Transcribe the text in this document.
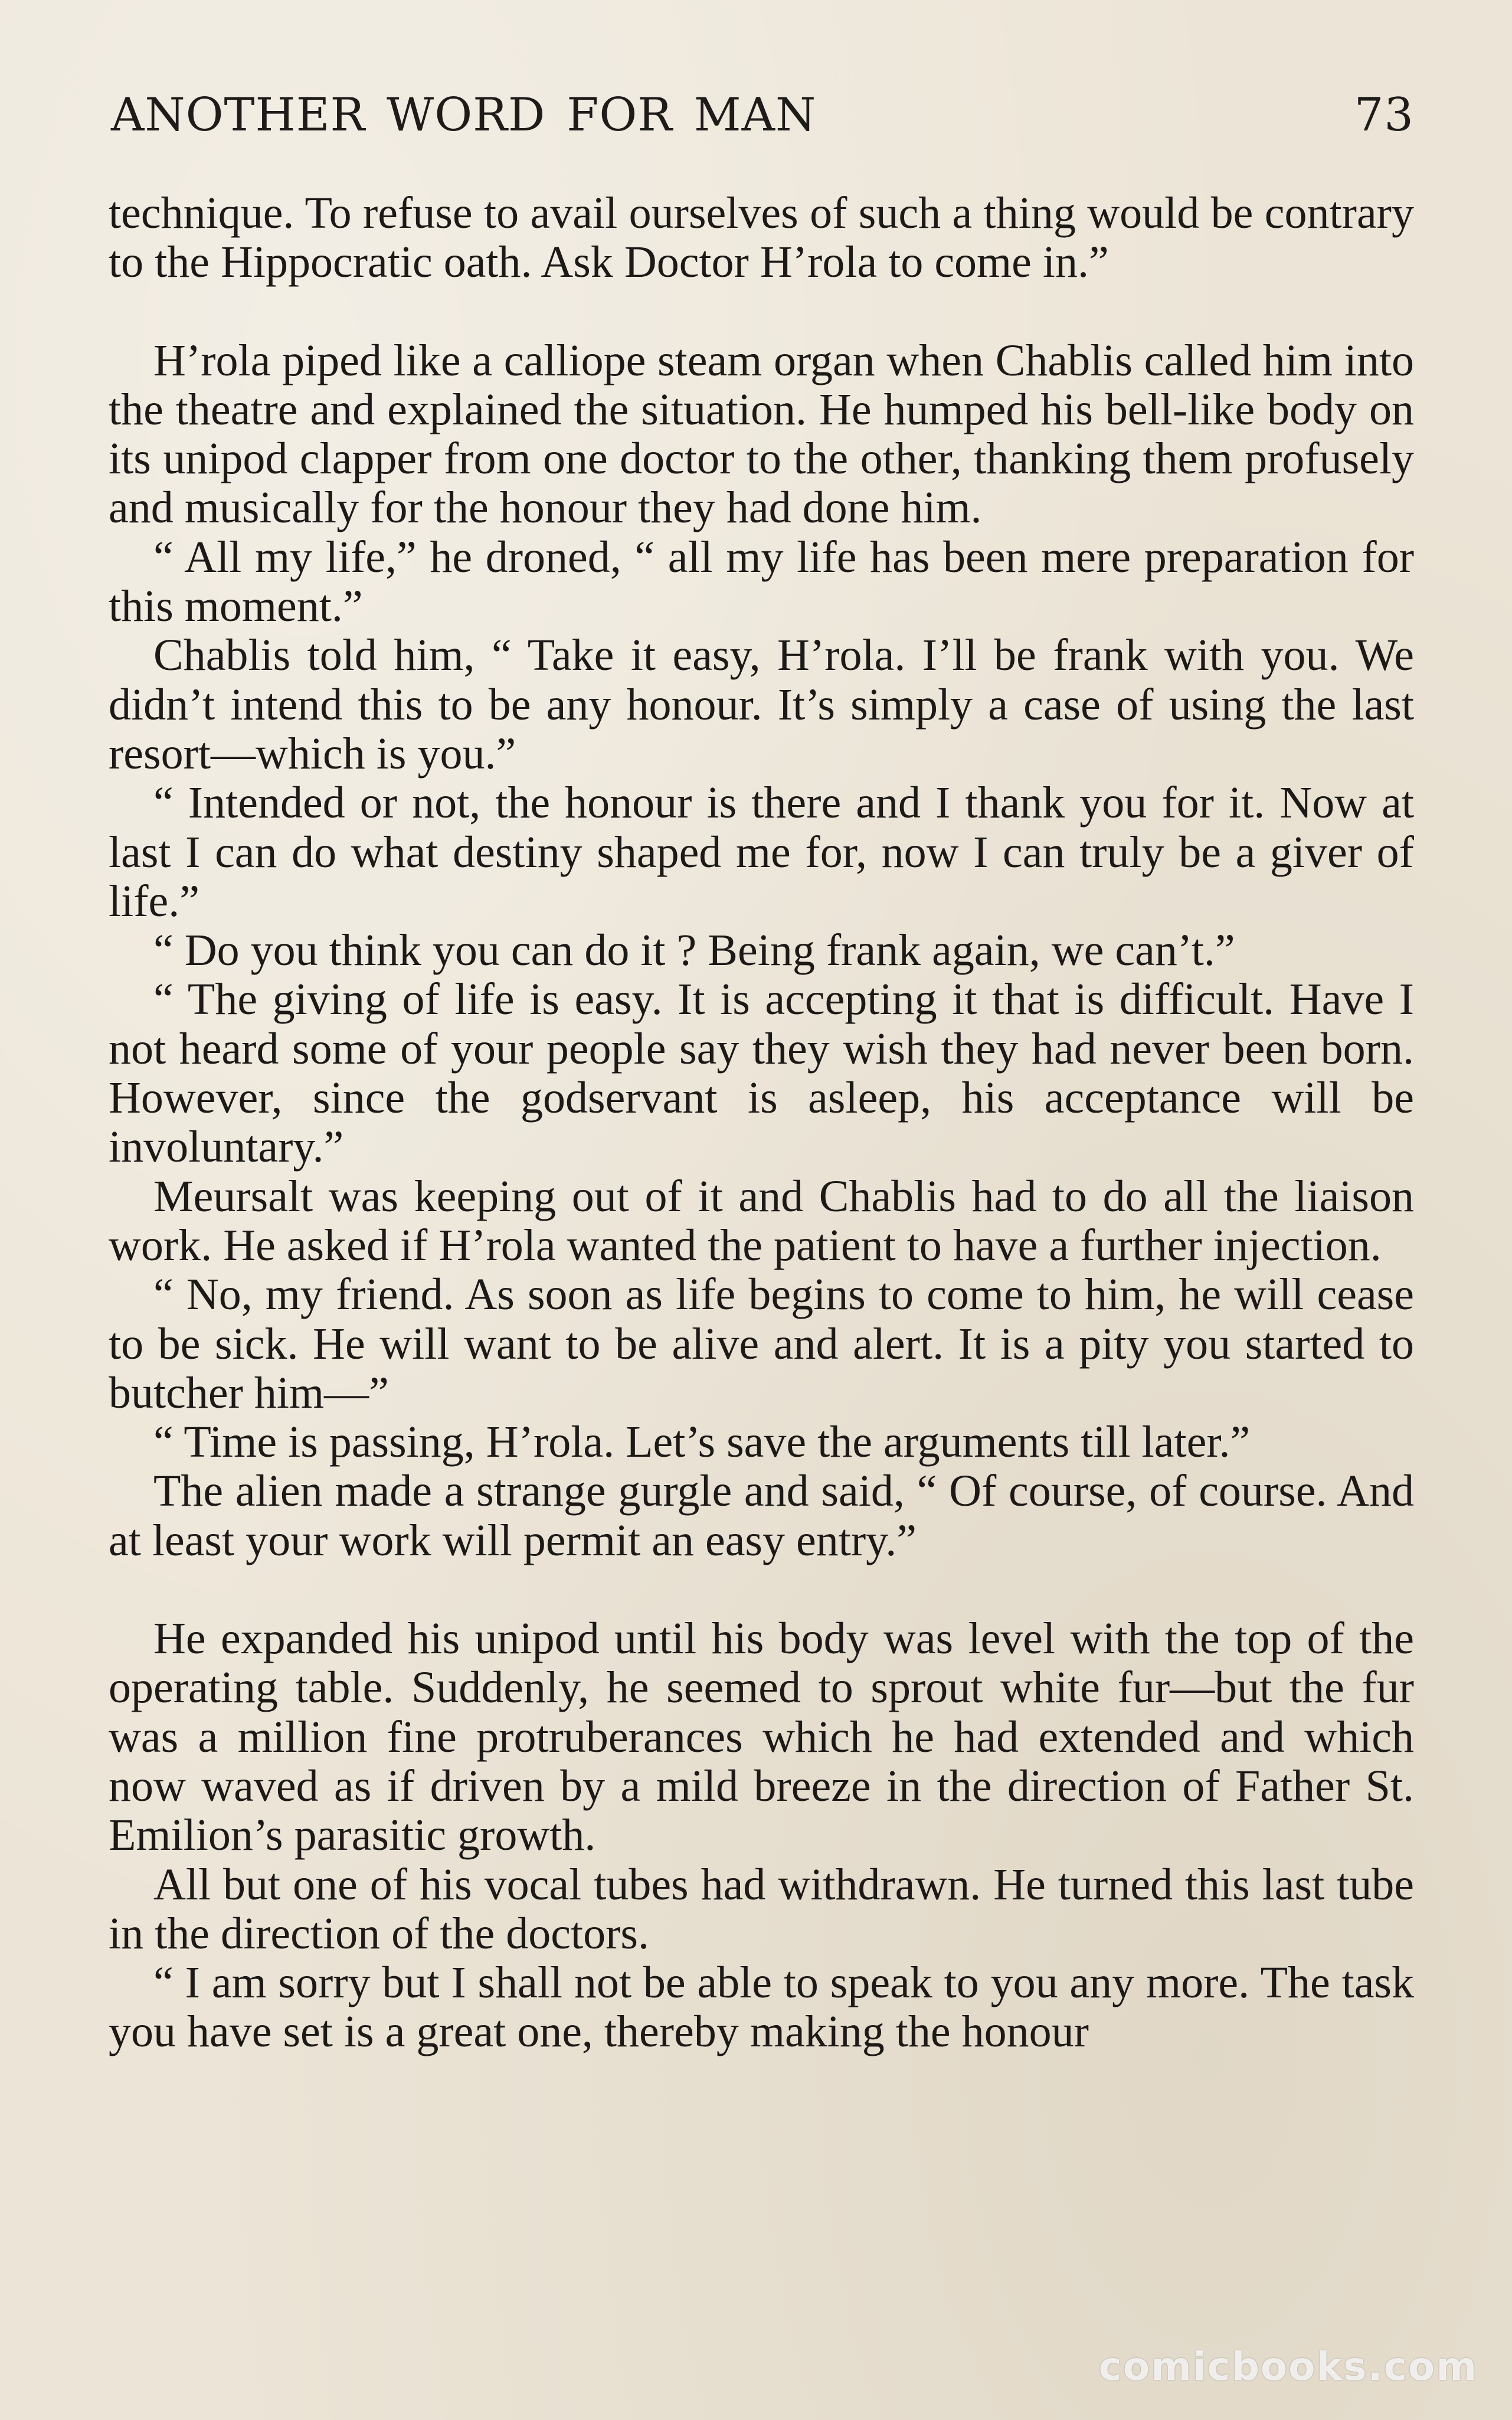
ANOTHER WORD FOR MAN	73

technique. To refuse to avail ourselves of such a thing would be contrary to the Hippocratic oath. Ask Doctor H’rola to come in.”

H’rola piped like a calliope steam organ when Chablis called him into the theatre and explained the situation. He humped his bell-like body on its unipod clapper from one doctor to the other, thanking them profusely and musically for the honour they had done him.

“ All my life,” he droned, “ all my life has been mere preparation for this moment.”

Chablis told him, “ Take it easy, H’rola. I’ll be frank with you. We didn’t intend this to be any honour. It’s simply a case of using the last resort—which is you.”

“ Intended or not, the honour is there and I thank you for it. Now at last I can do what destiny shaped me for, now I can truly be a giver of life.”

“ Do you think you can do it ? Being frank again, we can’t.”

“ The giving of life is easy. It is accepting it that is difficult. Have I not heard some of your people say they wish they had never been born. However, since the godservant is asleep, his acceptance will be involuntary.”

Meursalt was keeping out of it and Chablis had to do all the liaison work. He asked if H’rola wanted the patient to have a further injection.

“ No, my friend. As soon as life begins to come to him, he will cease to be sick. He will want to be alive and alert. It is a pity you started to butcher him—”

“ Time is passing, H’rola. Let’s save the arguments till later.”

The alien made a strange gurgle and said, “ Of course, of course. And at least your work will permit an easy entry.”

He expanded his unipod until his body was level with the top of the operating table. Suddenly, he seemed to sprout white fur—but the fur was a million fine protruberances which he had extended and which now waved as if driven by a mild breeze in the direction of Father St. Emilion’s parasitic growth.

All but one of his vocal tubes had withdrawn. He turned this last tube in the direction of the doctors.

“ I am sorry but I shall not be able to speak to you any more. The task you have set is a great one, thereby making the honour

comicbooks.com
